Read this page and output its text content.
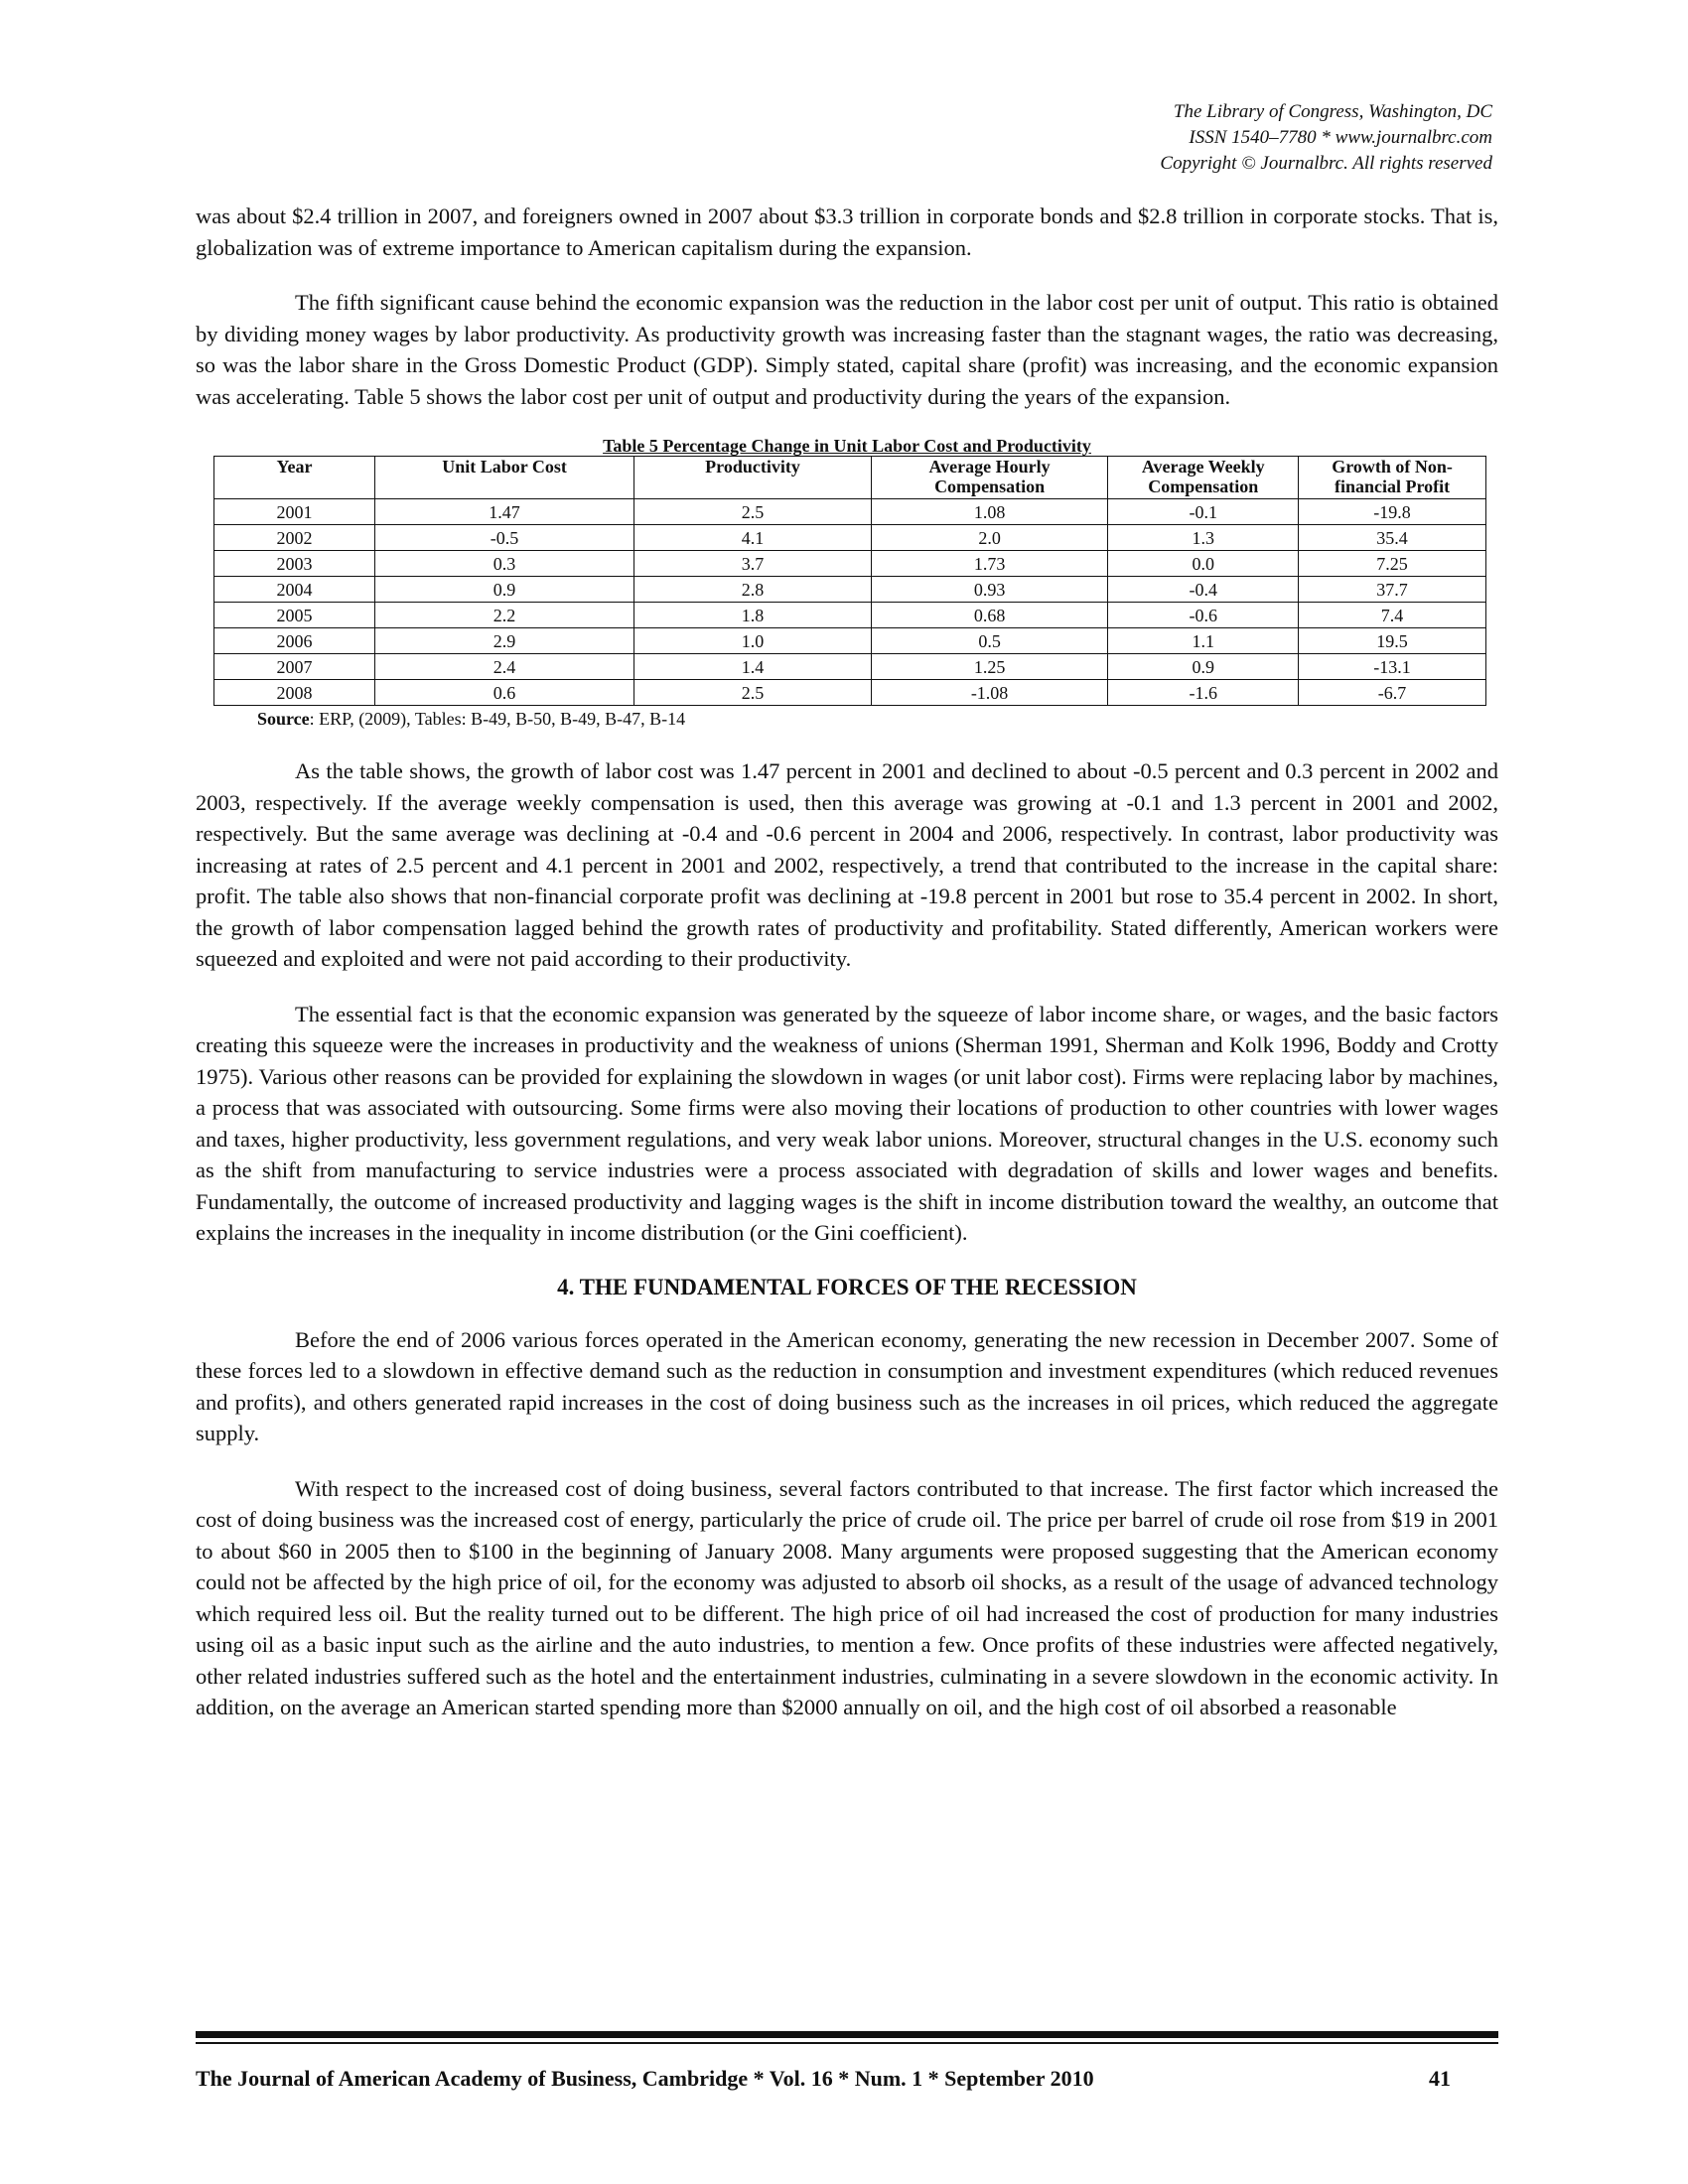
The Library of Congress, Washington, DC
ISSN 1540–7780 * www.journalbrc.com
Copyright © Journalbrc. All rights reserved

was about $2.4 trillion in 2007, and foreigners owned in 2007 about $3.3 trillion in corporate bonds and $2.8 trillion in corporate stocks. That is, globalization was of extreme importance to American capitalism during the expansion.

The fifth significant cause behind the economic expansion was the reduction in the labor cost per unit of output. This ratio is obtained by dividing money wages by labor productivity. As productivity growth was increasing faster than the stagnant wages, the ratio was decreasing, so was the labor share in the Gross Domestic Product (GDP). Simply stated, capital share (profit) was increasing, and the economic expansion was accelerating. Table 5 shows the labor cost per unit of output and productivity during the years of the expansion.

Table 5 Percentage Change in Unit Labor Cost and Productivity
Year	Unit Labor Cost	Productivity	Average Hourly Compensation	Average Weekly Compensation	Growth of Non-financial Profit
2001	1.47	2.5	1.08	-0.1	-19.8
2002	-0.5	4.1	2.0	1.3	35.4
2003	0.3	3.7	1.73	0.0	7.25
2004	0.9	2.8	0.93	-0.4	37.7
2005	2.2	1.8	0.68	-0.6	7.4
2006	2.9	1.0	0.5	1.1	19.5
2007	2.4	1.4	1.25	0.9	-13.1
2008	0.6	2.5	-1.08	-1.6	-6.7
Source: ERP, (2009), Tables: B-49, B-50, B-49, B-47, B-14

As the table shows, the growth of labor cost was 1.47 percent in 2001 and declined to about -0.5 percent and 0.3 percent in 2002 and 2003, respectively. If the average weekly compensation is used, then this average was growing at -0.1 and 1.3 percent in 2001 and 2002, respectively. But the same average was declining at -0.4 and -0.6 percent in 2004 and 2006, respectively. In contrast, labor productivity was increasing at rates of 2.5 percent and 4.1 percent in 2001 and 2002, respectively, a trend that contributed to the increase in the capital share: profit. The table also shows that non-financial corporate profit was declining at -19.8 percent in 2001 but rose to 35.4 percent in 2002. In short, the growth of labor compensation lagged behind the growth rates of productivity and profitability. Stated differently, American workers were squeezed and exploited and were not paid according to their productivity.

The essential fact is that the economic expansion was generated by the squeeze of labor income share, or wages, and the basic factors creating this squeeze were the increases in productivity and the weakness of unions (Sherman 1991, Sherman and Kolk 1996, Boddy and Crotty 1975). Various other reasons can be provided for explaining the slowdown in wages (or unit labor cost). Firms were replacing labor by machines, a process that was associated with outsourcing. Some firms were also moving their locations of production to other countries with lower wages and taxes, higher productivity, less government regulations, and very weak labor unions. Moreover, structural changes in the U.S. economy such as the shift from manufacturing to service industries were a process associated with degradation of skills and lower wages and benefits. Fundamentally, the outcome of increased productivity and lagging wages is the shift in income distribution toward the wealthy, an outcome that explains the increases in the inequality in income distribution (or the Gini coefficient).

4. THE FUNDAMENTAL FORCES OF THE RECESSION

Before the end of 2006 various forces operated in the American economy, generating the new recession in December 2007. Some of these forces led to a slowdown in effective demand such as the reduction in consumption and investment expenditures (which reduced revenues and profits), and others generated rapid increases in the cost of doing business such as the increases in oil prices, which reduced the aggregate supply.

With respect to the increased cost of doing business, several factors contributed to that increase. The first factor which increased the cost of doing business was the increased cost of energy, particularly the price of crude oil. The price per barrel of crude oil rose from $19 in 2001 to about $60 in 2005 then to $100 in the beginning of January 2008. Many arguments were proposed suggesting that the American economy could not be affected by the high price of oil, for the economy was adjusted to absorb oil shocks, as a result of the usage of advanced technology which required less oil. But the reality turned out to be different. The high price of oil had increased the cost of production for many industries using oil as a basic input such as the airline and the auto industries, to mention a few. Once profits of these industries were affected negatively, other related industries suffered such as the hotel and the entertainment industries, culminating in a severe slowdown in the economic activity. In addition, on the average an American started spending more than $2000 annually on oil, and the high cost of oil absorbed a reasonable

The Journal of American Academy of Business, Cambridge * Vol. 16 * Num. 1 * September 2010	41
